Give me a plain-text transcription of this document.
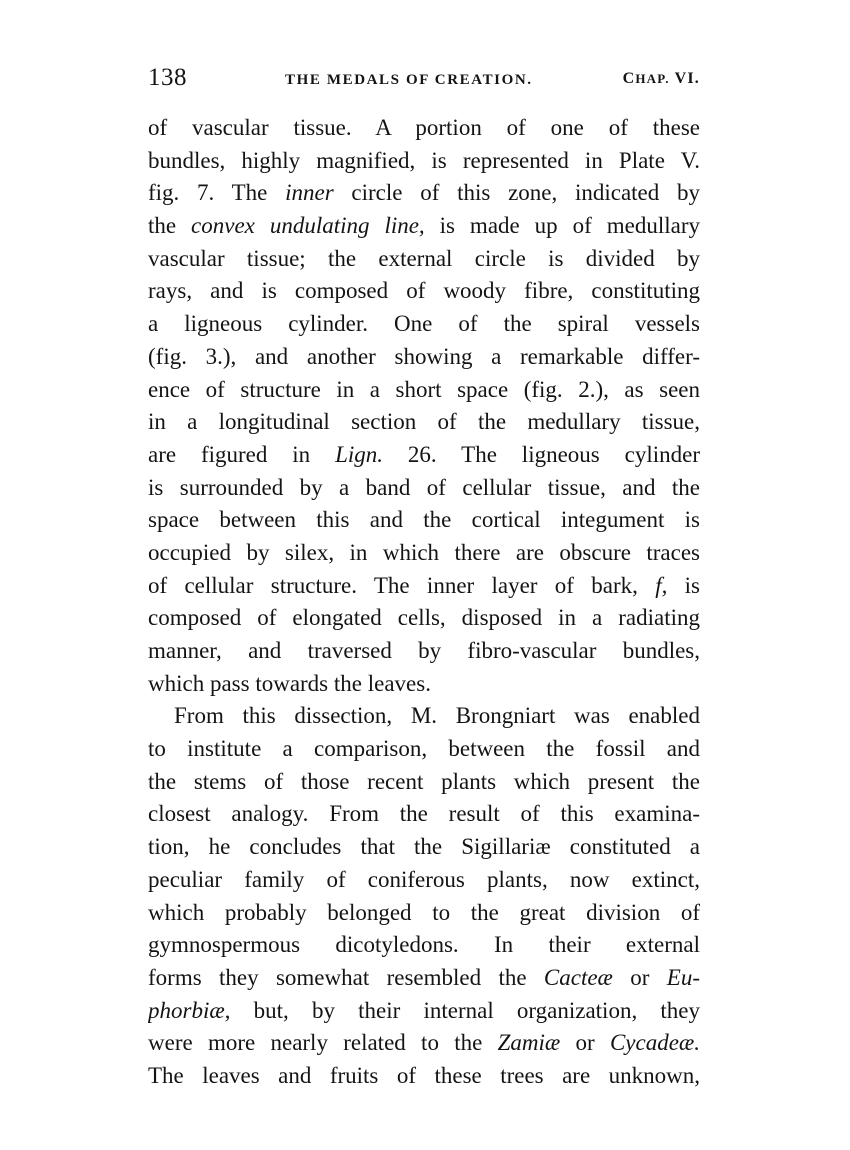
138	THE MEDALS OF CREATION.	CHAP. VI.
of vascular tissue. A portion of one of these
bundles, highly magnified, is represented in Plate V.
fig. 7. The inner circle of this zone, indicated by
the convex undulating line, is made up of medullary
vascular tissue; the external circle is divided by
rays, and is composed of woody fibre, constituting
a ligneous cylinder. One of the spiral vessels
(fig. 3.), and another showing a remarkable differ-
ence of structure in a short space (fig. 2.), as seen
in a longitudinal section of the medullary tissue,
are figured in Lign. 26. The ligneous cylinder
is surrounded by a band of cellular tissue, and the
space between this and the cortical integument is
occupied by silex, in which there are obscure traces
of cellular structure. The inner layer of bark, f, is
composed of elongated cells, disposed in a radiating
manner, and traversed by fibro-vascular bundles,
which pass towards the leaves.
From this dissection, M. Brongniart was enabled
to institute a comparison, between the fossil and
the stems of those recent plants which present the
closest analogy. From the result of this examina-
tion, he concludes that the Sigillariæ constituted a
peculiar family of coniferous plants, now extinct,
which probably belonged to the great division of
gymnospermous dicotyledons. In their external
forms they somewhat resembled the Cacteæ or Eu-
phorbiæ, but, by their internal organization, they
were more nearly related to the Zamiæ or Cycadeæ.
The leaves and fruits of these trees are unknown,
